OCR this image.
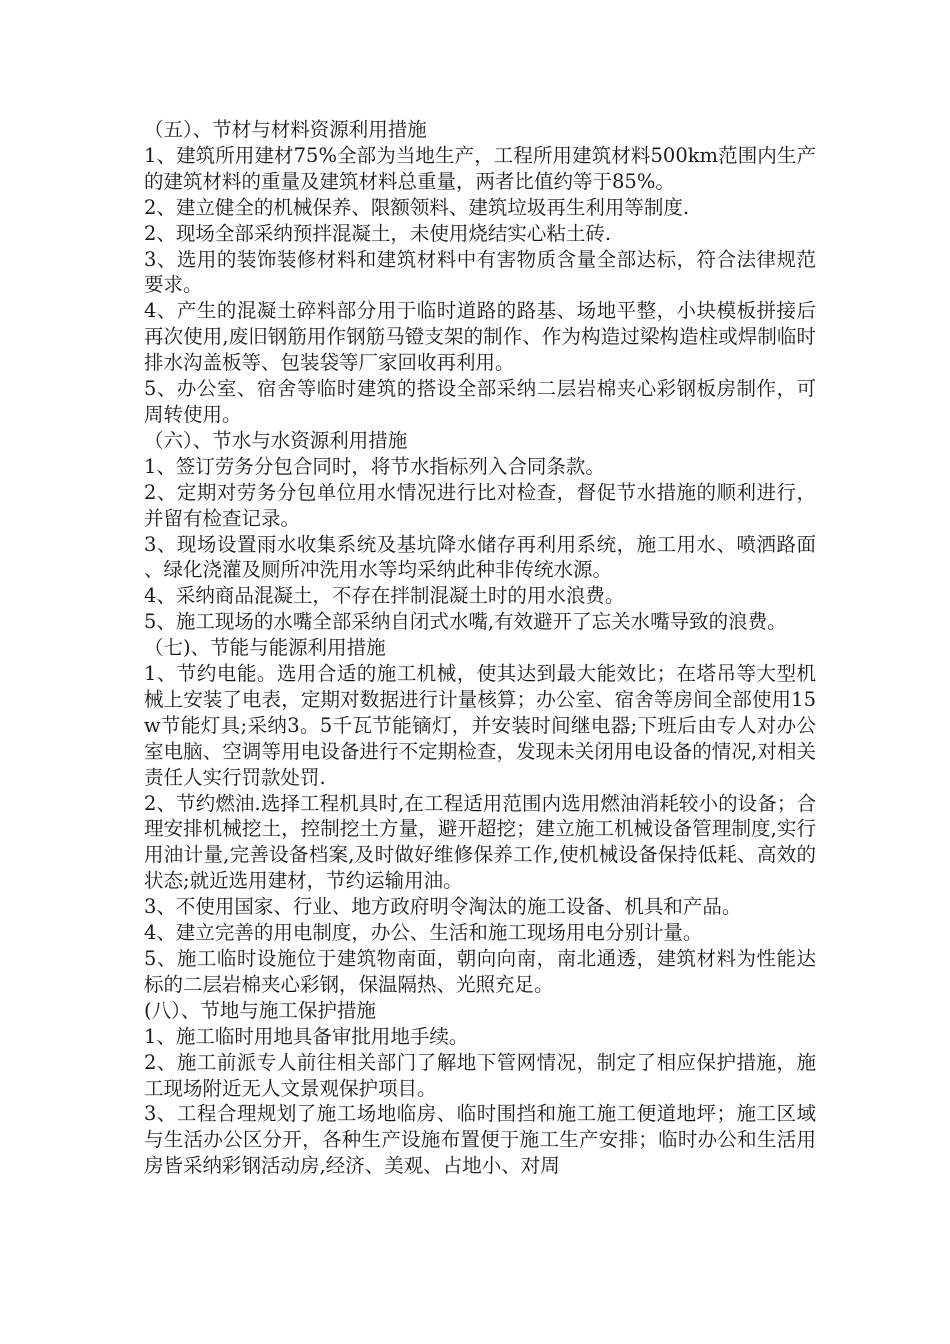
（五）、节材与材料资源利用措施

1、建筑所用建材75%全部为当地生产，工程所用建筑材料500km范围内生产的建筑材料的重量及建筑材料总重量，两者比值约等于85%。

2、建立健全的机械保养、限额领料、建筑垃圾再生利用等制度.

2、现场全部采纳预拌混凝土，未使用烧结实心粘土砖.

3、选用的装饰装修材料和建筑材料中有害物质含量全部达标，符合法律规范要求。

4、产生的混凝土碎料部分用于临时道路的路基、场地平整，小块模板拼接后再次使用,废旧钢筋用作钢筋马镫支架的制作、作为构造过梁构造柱或焊制临时排水沟盖板等、包装袋等厂家回收再利用。

5、办公室、宿舍等临时建筑的搭设全部采纳二层岩棉夹心彩钢板房制作，可周转使用。

（六）、节水与水资源利用措施

1、签订劳务分包合同时，将节水指标列入合同条款。

2、定期对劳务分包单位用水情况进行比对检查，督促节水措施的顺利进行，并留有检查记录。

3、现场设置雨水收集系统及基坑降水储存再利用系统，施工用水、喷洒路面、绿化浇灌及厕所冲洗用水等均采纳此种非传统水源。

4、采纳商品混凝土，不存在拌制混凝土时的用水浪费。

5、施工现场的水嘴全部采纳自闭式水嘴,有效避开了忘关水嘴导致的浪费。

（七)、节能与能源利用措施

1、节约电能。选用合适的施工机械，使其达到最大能效比；在塔吊等大型机械上安装了电表，定期对数据进行计量核算；办公室、宿舍等房间全部使用15w节能灯具;采纳3。5千瓦节能镝灯，并安装时间继电器;下班后由专人对办公室电脑、空调等用电设备进行不定期检查，发现未关闭用电设备的情况,对相关责任人实行罚款处罚.

2、节约燃油.选择工程机具时,在工程适用范围内选用燃油消耗较小的设备；合理安排机械挖土，控制挖土方量，避开超挖；建立施工机械设备管理制度,实行用油计量,完善设备档案,及时做好维修保养工作,使机械设备保持低耗、高效的状态;就近选用建材，节约运输用油。

3、不使用国家、行业、地方政府明令淘汰的施工设备、机具和产品。

4、建立完善的用电制度，办公、生活和施工现场用电分别计量。

5、施工临时设施位于建筑物南面，朝向向南，南北通透，建筑材料为性能达标的二层岩棉夹心彩钢，保温隔热、光照充足。

(八）、节地与施工保护措施

1、施工临时用地具备审批用地手续。

2、施工前派专人前往相关部门了解地下管网情况，制定了相应保护措施，施工现场附近无人文景观保护项目。

3、工程合理规划了施工场地临房、临时围挡和施工施工便道地坪；施工区域与生活办公区分开，各种生产设施布置便于施工生产安排；临时办公和生活用房皆采纳彩钢活动房,经济、美观、占地小、对周
